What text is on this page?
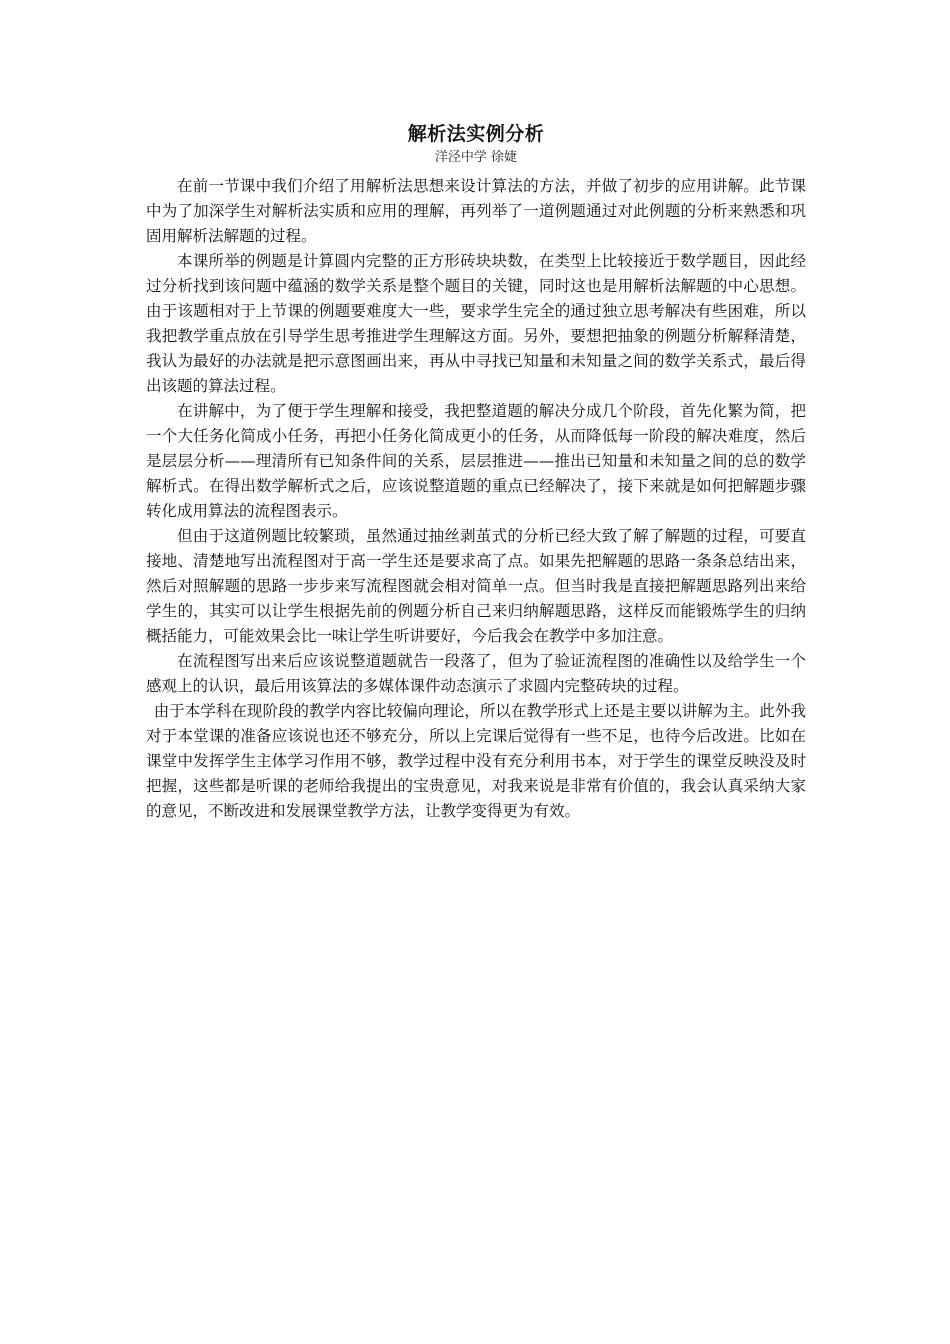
解析法实例分析

洋泾中学 徐婕

在前一节课中我们介绍了用解析法思想来设计算法的方法，并做了初步的应用讲解。此节课中为了加深学生对解析法实质和应用的理解，再列举了一道例题通过对此例题的分析来熟悉和巩固用解析法解题的过程。

本课所举的例题是计算圆内完整的正方形砖块块数，在类型上比较接近于数学题目，因此经过分析找到该问题中蕴涵的数学关系是整个题目的关键，同时这也是用解析法解题的中心思想。由于该题相对于上节课的例题要难度大一些，要求学生完全的通过独立思考解决有些困难，所以我把教学重点放在引导学生思考推进学生理解这方面。另外，要想把抽象的例题分析解释清楚，我认为最好的办法就是把示意图画出来，再从中寻找已知量和未知量之间的数学关系式，最后得出该题的算法过程。

在讲解中，为了便于学生理解和接受，我把整道题的解决分成几个阶段，首先化繁为简，把一个大任务化简成小任务，再把小任务化简成更小的任务，从而降低每一阶段的解决难度，然后是层层分析——理清所有已知条件间的关系，层层推进——推出已知量和未知量之间的总的数学解析式。在得出数学解析式之后，应该说整道题的重点已经解决了，接下来就是如何把解题步骤转化成用算法的流程图表示。

但由于这道例题比较繁琐，虽然通过抽丝剥茧式的分析已经大致了解了解题的过程，可要直接地、清楚地写出流程图对于高一学生还是要求高了点。如果先把解题的思路一条条总结出来，然后对照解题的思路一步步来写流程图就会相对简单一点。但当时我是直接把解题思路列出来给学生的，其实可以让学生根据先前的例题分析自己来归纳解题思路，这样反而能锻炼学生的归纳概括能力，可能效果会比一味让学生听讲要好，今后我会在教学中多加注意。

在流程图写出来后应该说整道题就告一段落了，但为了验证流程图的准确性以及给学生一个感观上的认识，最后用该算法的多媒体课件动态演示了求圆内完整砖块的过程。

由于本学科在现阶段的教学内容比较偏向理论，所以在教学形式上还是主要以讲解为主。此外我对于本堂课的准备应该说也还不够充分，所以上完课后觉得有一些不足，也待今后改进。比如在课堂中发挥学生主体学习作用不够，教学过程中没有充分利用书本，对于学生的课堂反映没及时把握，这些都是听课的老师给我提出的宝贵意见，对我来说是非常有价值的，我会认真采纳大家的意见，不断改进和发展课堂教学方法，让教学变得更为有效。
